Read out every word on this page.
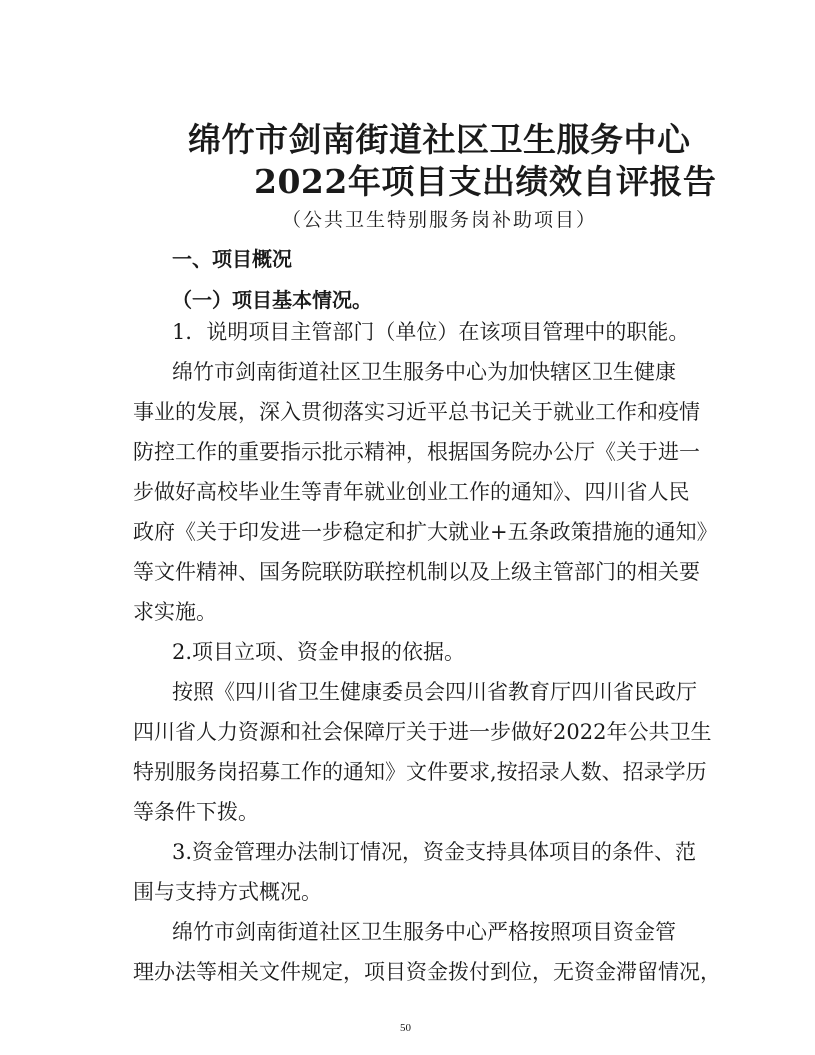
绵竹市剑南街道社区卫生服务中心
2022年项目支出绩效自评报告
（公共卫生特别服务岗补助项目）
一、项目概况
（一）项目基本情况。
1．说明项目主管部门（单位）在该项目管理中的职能。
绵竹市剑南街道社区卫生服务中心为加快辖区卫生健康
事业的发展，深入贯彻落实习近平总书记关于就业工作和疫情
防控工作的重要指示批示精神，根据国务院办公厅《关于进一
步做好高校毕业生等青年就业创业工作的通知》、四川省人民
政府《关于印发进一步稳定和扩大就业+五条政策措施的通知》
等文件精神、国务院联防联控机制以及上级主管部门的相关要
求实施。
2.项目立项、资金申报的依据。
按照《四川省卫生健康委员会四川省教育厅四川省民政厅
四川省人力资源和社会保障厅关于进一步做好2022年公共卫生
特别服务岗招募工作的通知》文件要求,按招录人数、招录学历
等条件下拨。
3.资金管理办法制订情况，资金支持具体项目的条件、范
围与支持方式概况。
绵竹市剑南街道社区卫生服务中心严格按照项目资金管
理办法等相关文件规定，项目资金拨付到位，无资金滞留情况，
50
